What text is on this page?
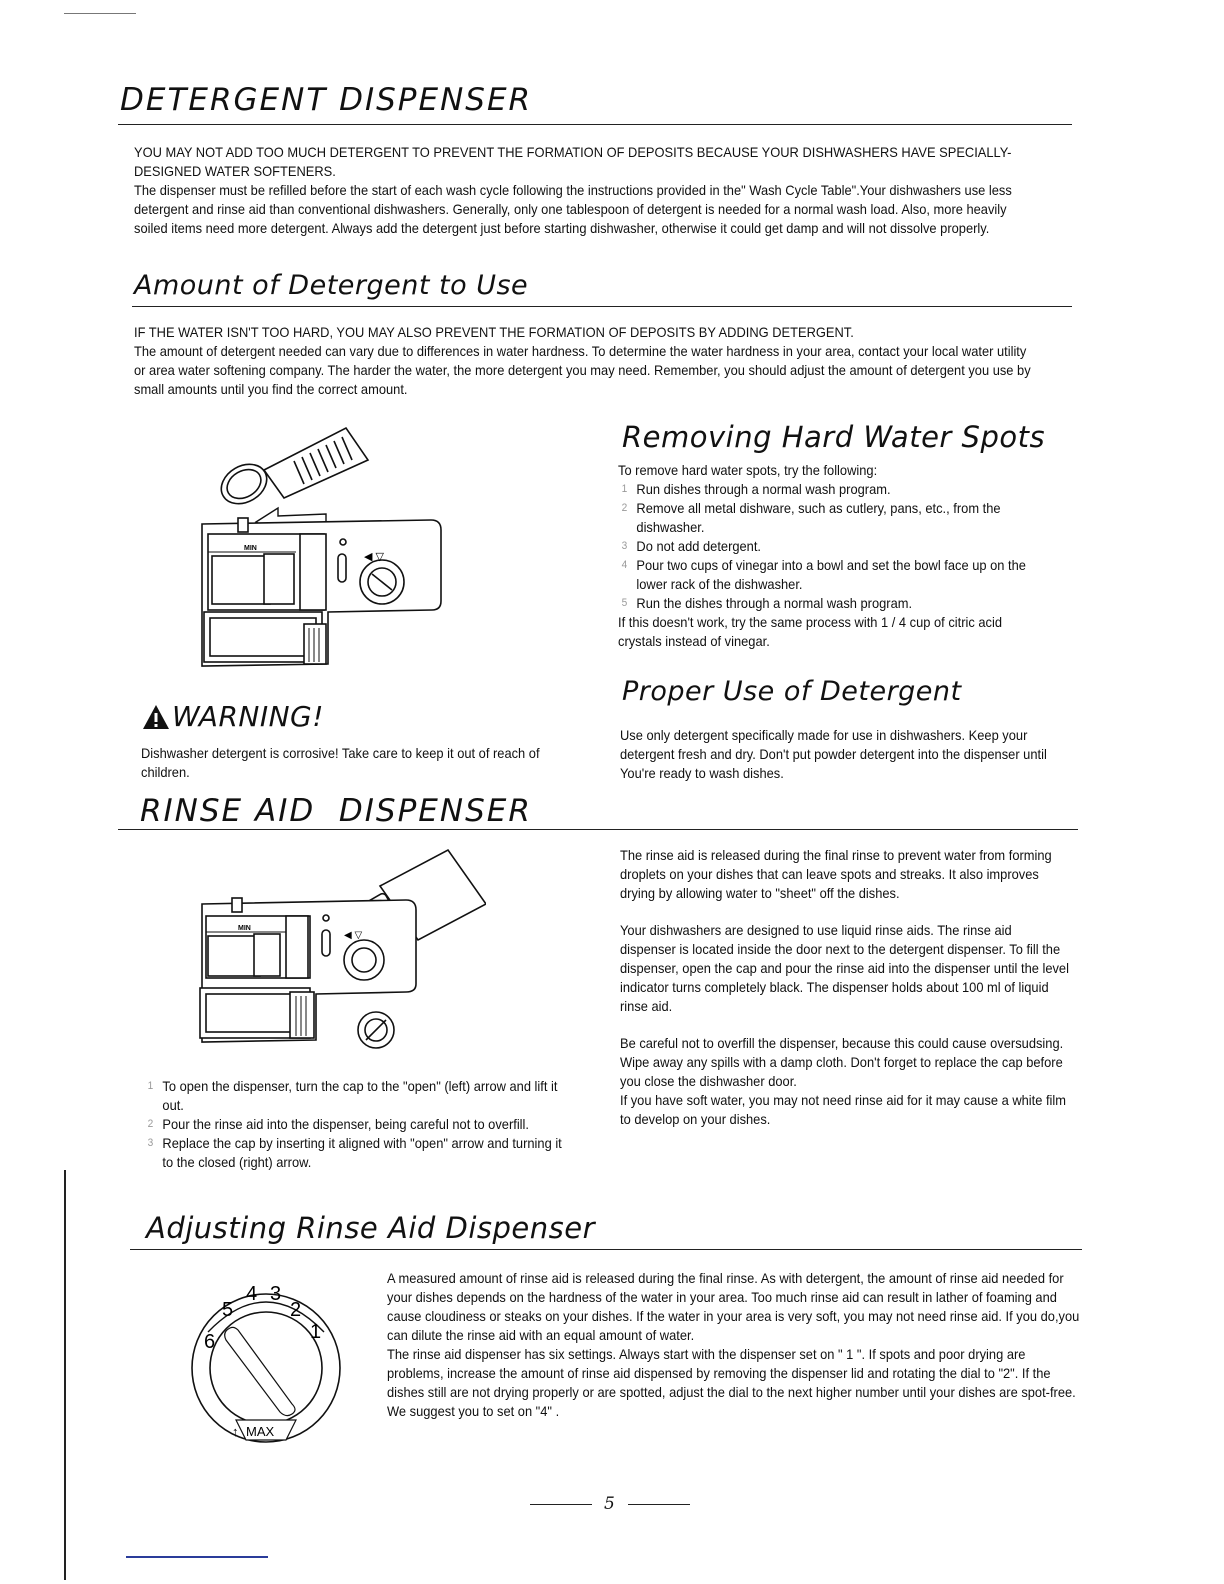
DETERGENT DISPENSER

YOU MAY NOT ADD TOO MUCH DETERGENT TO PREVENT THE FORMATION OF DEPOSITS BECAUSE YOUR DISHWASHERS HAVE SPECIALLY-DESIGNED WATER SOFTENERS.

The dispenser must be refilled before the start of each wash cycle following the instructions provided in the" Wash Cycle Table".Your dishwashers use less detergent and rinse aid than conventional dishwashers. Generally, only one tablespoon of detergent is needed for a normal wash load. Also, more heavily soiled items need more detergent. Always add the detergent just before starting dishwasher, otherwise it could get damp and will not dissolve properly.

Amount of Detergent to Use

IF THE WATER ISN'T TOO HARD, YOU MAY ALSO PREVENT THE FORMATION OF DEPOSITS BY ADDING DETERGENT.

The amount of detergent needed can vary due to differences in water hardness. To determine the water hardness in your area, contact your local water utility or area water softening company. The harder the water, the more detergent you may need. Remember, you should adjust the amount of detergent you use by small amounts until you find the correct amount.

MIN
◀ ▽
WARNING!
Dishwasher detergent is corrosive! Take care to keep it out of reach of children.
Removing Hard Water Spots

To remove hard water spots, try the following:

1 Run dishes through a normal wash program.
2 Remove all metal dishware, such as cutlery, pans, etc., from the dishwasher.
3 Do not add detergent.
4 Pour two cups of vinegar into a bowl and set the bowl face up on the lower rack of the dishwasher.
5 Run the dishes through a normal wash program.

If this doesn't work, try the same process with 1 / 4 cup of citric acid crystals instead of vinegar.

Proper Use of Detergent
Use only detergent specifically made for use in dishwashers. Keep your detergent fresh and dry. Don't put powder detergent into the dispenser until You're ready to wash dishes.
RINSE AID  DISPENSER
MIN
◀ ▽
1 To open the dispenser, turn the cap to the "open" (left) arrow and lift it out.
2 Pour the rinse aid into the dispenser, being careful not to overfill.
3 Replace the cap by inserting it aligned with "open" arrow and turning it to the closed (right) arrow.

The rinse aid is released during the final rinse to prevent water from forming droplets on your dishes that can leave spots and streaks. It also improves drying by allowing water to "sheet" off the dishes.

Your dishwashers are designed to use liquid rinse aids. The rinse aid dispenser is located inside the door next to the detergent dispenser. To fill the dispenser, open the cap and pour the rinse aid into the dispenser until the level indicator turns completely black. The dispenser holds about 100 ml of liquid rinse aid.

Be careful not to overfill the dispenser, because this could cause oversudsing. Wipe away any spills with a damp cloth. Don't forget to replace the cap before you close the dishwasher door.

If you have soft water, you may not need rinse aid for it may cause a white film to develop on your dishes.

Adjusting Rinse Aid Dispenser
6
5
4 3
2
1
MAX
↑

A measured amount of rinse aid is released during the final rinse. As with detergent, the amount of rinse aid needed for your dishes depends on the hardness of the water in your area. Too much rinse aid can result in lather of foaming and cause cloudiness or steaks on your dishes. If the water in your area is very soft, you may not need rinse aid. If you do,you can dilute the rinse aid with an equal amount of water.

The rinse aid dispenser has six settings. Always start with the dispenser set on " 1 ". If spots and poor drying are problems, increase the amount of rinse aid dispensed by removing the dispenser lid and rotating the dial to "2". If the dishes still are not drying properly or are spotted, adjust the dial to the next higher number until your dishes are spot-free. We suggest you to set on "4" .

5
